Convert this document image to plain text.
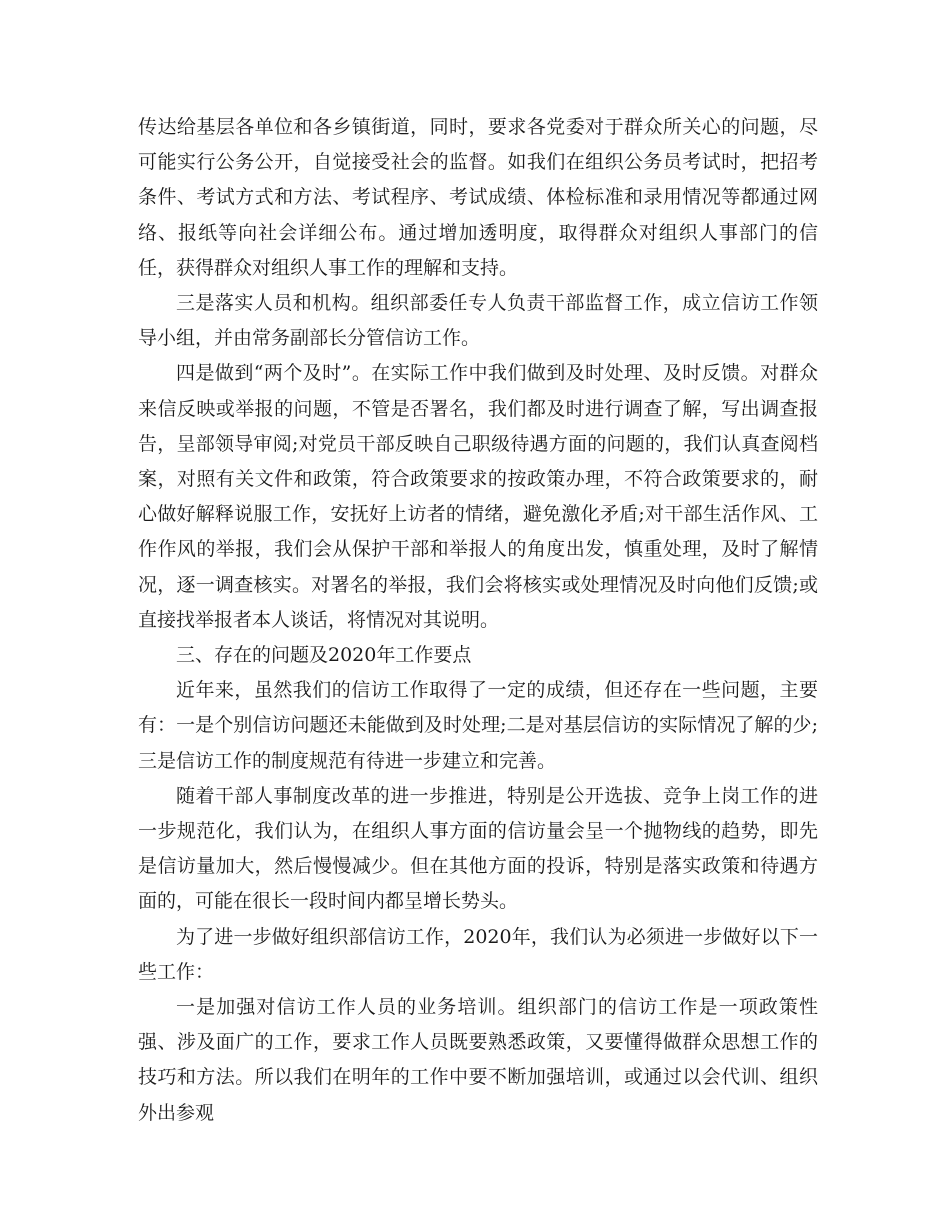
传达给基层各单位和各乡镇街道，同时，要求各党委对于群众所关心的问题，尽可能实行公务公开，自觉接受社会的监督。如我们在组织公务员考试时，把招考条件、考试方式和方法、考试程序、考试成绩、体检标准和录用情况等都通过网络、报纸等向社会详细公布。通过增加透明度，取得群众对组织人事部门的信任，获得群众对组织人事工作的理解和支持。

三是落实人员和机构。组织部委任专人负责干部监督工作，成立信访工作领导小组，并由常务副部长分管信访工作。

四是做到“两个及时”。在实际工作中我们做到及时处理、及时反馈。对群众来信反映或举报的问题，不管是否署名，我们都及时进行调查了解，写出调查报告，呈部领导审阅;对党员干部反映自己职级待遇方面的问题的，我们认真查阅档案，对照有关文件和政策，符合政策要求的按政策办理，不符合政策要求的，耐心做好解释说服工作，安抚好上访者的情绪，避免激化矛盾;对干部生活作风、工作作风的举报，我们会从保护干部和举报人的角度出发，慎重处理，及时了解情况，逐一调查核实。对署名的举报，我们会将核实或处理情况及时向他们反馈;或直接找举报者本人谈话，将情况对其说明。

三、存在的问题及2020年工作要点

近年来，虽然我们的信访工作取得了一定的成绩，但还存在一些问题，主要有：一是个别信访问题还未能做到及时处理;二是对基层信访的实际情况了解的少;三是信访工作的制度规范有待进一步建立和完善。

随着干部人事制度改革的进一步推进，特别是公开选拔、竞争上岗工作的进一步规范化，我们认为，在组织人事方面的信访量会呈一个抛物线的趋势，即先是信访量加大，然后慢慢减少。但在其他方面的投诉，特别是落实政策和待遇方面的，可能在很长一段时间内都呈增长势头。

为了进一步做好组织部信访工作，2020年，我们认为必须进一步做好以下一些工作：

一是加强对信访工作人员的业务培训。组织部门的信访工作是一项政策性强、涉及面广的工作，要求工作人员既要熟悉政策，又要懂得做群众思想工作的技巧和方法。所以我们在明年的工作中要不断加强培训，或通过以会代训、组织外出参观
